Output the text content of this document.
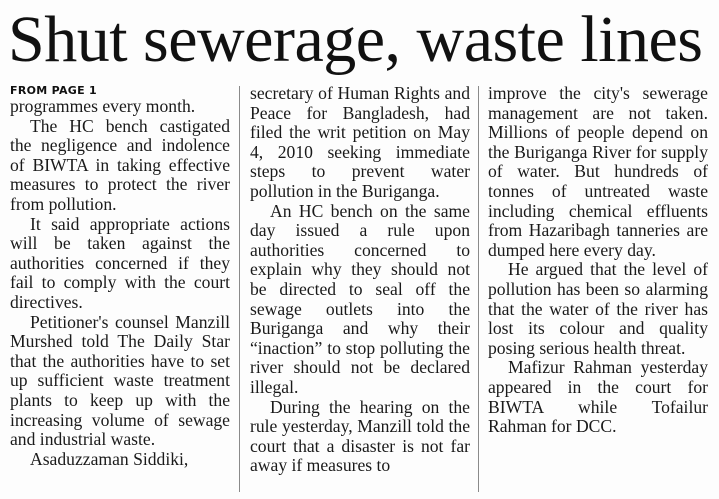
Shut sewerage, waste lines
FROM PAGE 1

programmes every month.

The HC bench castigated the negligence and indolence of BIWTA in taking effective measures to protect the river from pollution.

It said appropriate actions will be taken against the authorities concerned if they fail to comply with the court directives.

Petitioner's counsel Manzill Murshed told The Daily Star that the authorities have to set up sufficient waste treatment plants to keep up with the increasing volume of sewage and industrial waste.

Asaduzzaman Siddiki,

secretary of Human Rights and Peace for Bangladesh, had filed the writ petition on May 4, 2010 seeking immediate steps to prevent water pollution in the Buriganga.

An HC bench on the same day issued a rule upon authorities concerned to explain why they should not be directed to seal off the sewage outlets into the Buriganga and why their “inaction” to stop polluting the river should not be declared illegal.

During the hearing on the rule yesterday, Manzill told the court that a disaster is not far away if measures to

improve the city's sewerage management are not taken. Millions of people depend on the Buriganga River for supply of water. But hundreds of tonnes of untreated waste including chemical effluents from Hazaribagh tanneries are dumped here every day.

He argued that the level of pollution has been so alarming that the water of the river has lost its colour and quality posing serious health threat.

Mafizur Rahman yesterday appeared in the court for BIWTA while Tofailur Rahman for DCC.
